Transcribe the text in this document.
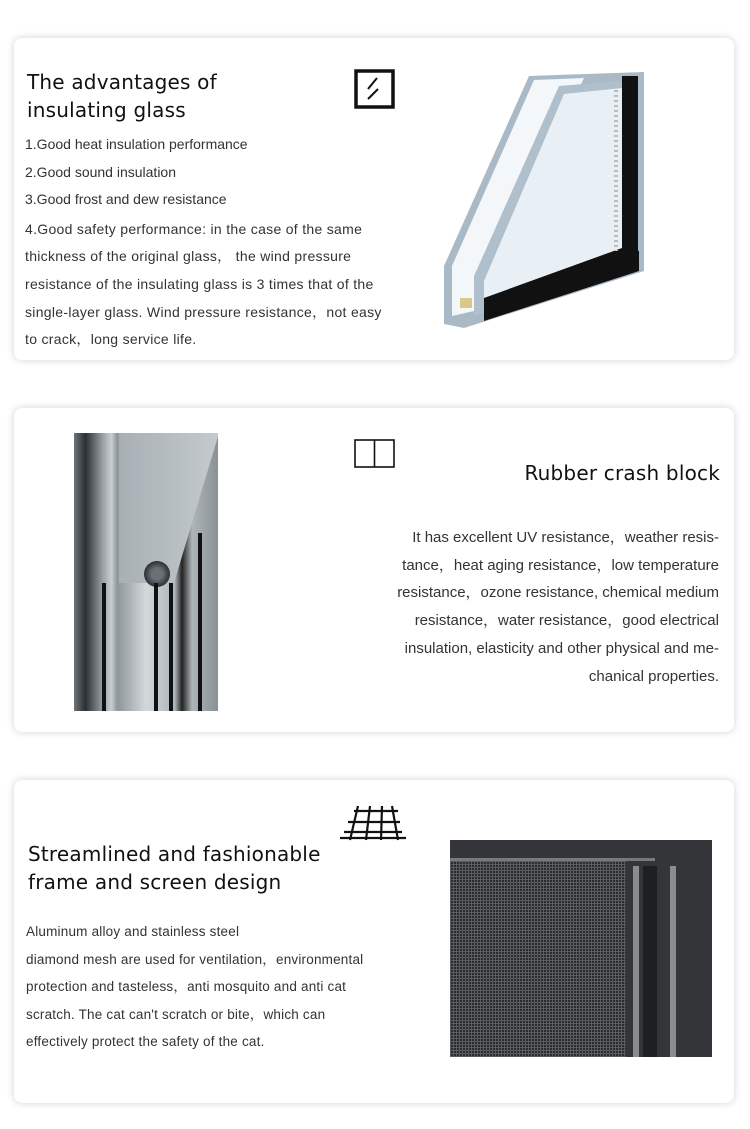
The advantages of
insulating glass
1.Good heat insulation performance
2.Good sound insulation
3.Good frost and dew resistance
4.Good safety performance: in the case of the same
thickness of the original glass， the wind pressure
resistance of the insulating glass is 3 times that of the
single-layer glass. Wind pressure resistance，not easy
to crack，long service life.
Rubber crash block
It has excellent UV resistance，weather resis-
tance，heat aging resistance，low temperature
resistance，ozone resistance, chemical medium
resistance，water resistance，good electrical
insulation, elasticity and other physical and me-
chanical properties.
Streamlined and fashionable
frame and screen design
Aluminum alloy and stainless steel
diamond mesh are used for ventilation，environmental
protection and tasteless，anti mosquito and anti cat
scratch. The cat can't scratch or bite，which can
effectively protect the safety of the cat.
